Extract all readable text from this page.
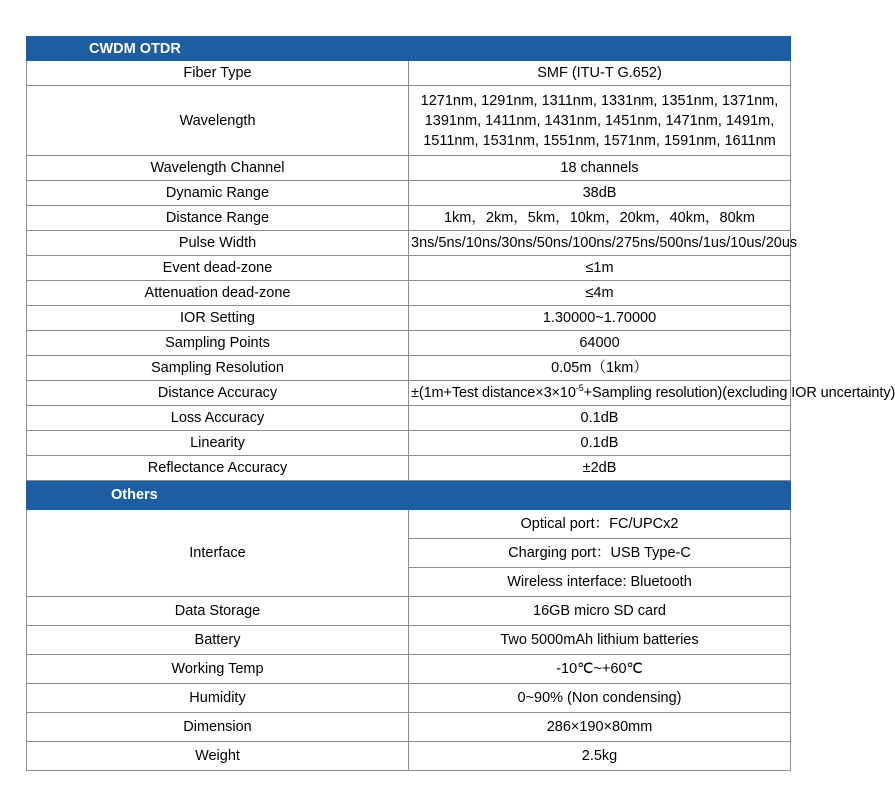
CWDM OTDR	
Fiber Type	SMF (ITU-T G.652)
Wavelength	1271nm, 1291nm, 1311nm, 1331nm, 1351nm, 1371nm, 1391nm, 1411nm, 1431nm, 1451nm, 1471nm, 1491m, 1511nm, 1531nm, 1551nm, 1571nm, 1591nm, 1611nm

Wavelength Channel	18 channels
Dynamic Range	38dB
Distance Range	1km，2km，5km，10km，20km，40km，80km
Pulse Width	3ns/5ns/10ns/30ns/50ns/100ns/275ns/500ns/1us/10us/20us
Event dead-zone	≤1m
Attenuation dead-zone	≤4m
IOR Setting	1.30000~1.70000
Sampling Points	64000
Sampling Resolution	0.05m（1km）
Distance Accuracy	±(1m+Test $distance\times 3\times 10^{-5}+Sampling$ resolution)(excluding IOR uncertainty)
Loss Accuracy	0.1dB
Linearity	0.1dB
Reflectance Accuracy	±2dB
Others	
Interface	Optical port：FC/UPCx2
	Charging port：USB Type-C
	Wireless interface: Bluetooth
Data Storage	16GB micro SD card
Battery	Two 5000mAh lithium batteries
Working Temp	-10℃~+60℃
Humidity	0~90% (Non condensing)
Dimension	286×190×80mm
Weight	2.5kg
